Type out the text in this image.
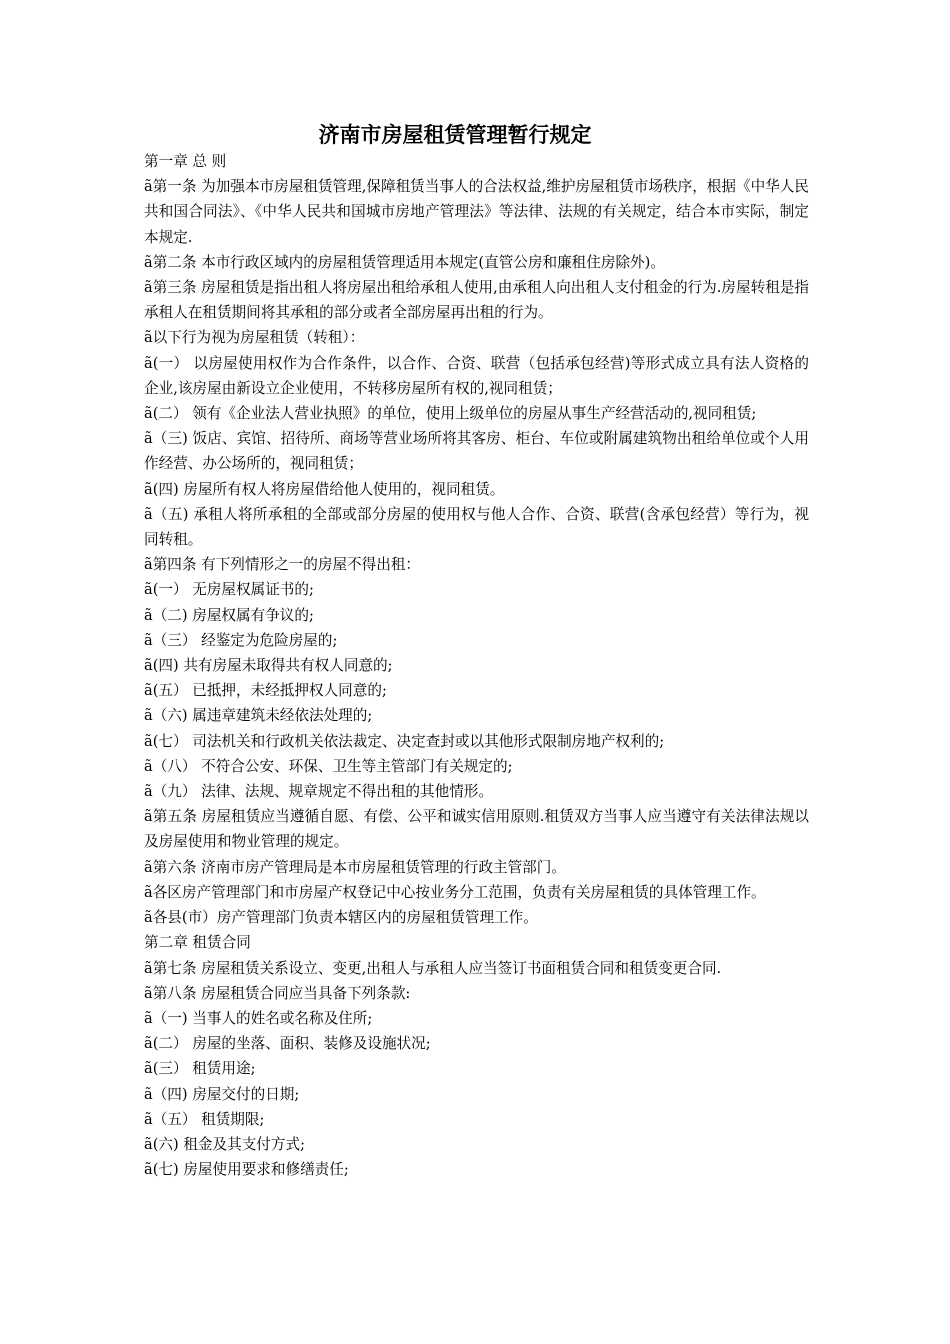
济南市房屋租赁管理暂行规定

第一章 总 则

ã第一条 为加强本市房屋租赁管理,保障租赁当事人的合法权益,维护房屋租赁市场秩序，根据《中华人民共和国合同法》、《中华人民共和国城市房地产管理法》等法律、法规的有关规定，结合本市实际，制定本规定.

ã第二条 本市行政区域内的房屋租赁管理适用本规定(直管公房和廉租住房除外)。

ã第三条 房屋租赁是指出租人将房屋出租给承租人使用,由承租人向出租人支付租金的行为.房屋转租是指承租人在租赁期间将其承租的部分或者全部房屋再出租的行为。

ã以下行为视为房屋租赁（转租）：

ã(一） 以房屋使用权作为合作条件，以合作、合资、联营（包括承包经营)等形式成立具有法人资格的企业,该房屋由新设立企业使用，不转移房屋所有权的,视同租赁；

ã(二） 领有《企业法人营业执照》的单位，使用上级单位的房屋从事生产经营活动的,视同租赁;

ã（三) 饭店、宾馆、招待所、商场等营业场所将其客房、柜台、车位或附属建筑物出租给单位或个人用作经营、办公场所的，视同租赁；

ã(四) 房屋所有权人将房屋借给他人使用的，视同租赁。

ã（五) 承租人将所承租的全部或部分房屋的使用权与他人合作、合资、联营(含承包经营）等行为，视同转租。

ã第四条 有下列情形之一的房屋不得出租：

ã(一） 无房屋权属证书的;

ã（二) 房屋权属有争议的;

ã（三） 经鉴定为危险房屋的;

ã(四) 共有房屋未取得共有权人同意的;

ã(五） 已抵押，未经抵押权人同意的;

ã（六) 属违章建筑未经依法处理的;

ã(七） 司法机关和行政机关依法裁定、决定查封或以其他形式限制房地产权利的;

ã（八） 不符合公安、环保、卫生等主管部门有关规定的;

ã（九） 法律、法规、规章规定不得出租的其他情形。

ã第五条 房屋租赁应当遵循自愿、有偿、公平和诚实信用原则.租赁双方当事人应当遵守有关法律法规以及房屋使用和物业管理的规定。

ã第六条 济南市房产管理局是本市房屋租赁管理的行政主管部门。

ã各区房产管理部门和市房屋产权登记中心按业务分工范围，负责有关房屋租赁的具体管理工作。

ã各县(市）房产管理部门负责本辖区内的房屋租赁管理工作。

第二章 租赁合同

ã第七条 房屋租赁关系设立、变更,出租人与承租人应当签订书面租赁合同和租赁变更合同.

ã第八条 房屋租赁合同应当具备下列条款:

ã（一) 当事人的姓名或名称及住所;

ã(二） 房屋的坐落、面积、装修及设施状况;

ã(三） 租赁用途;

ã（四) 房屋交付的日期;

ã（五） 租赁期限;

ã(六) 租金及其支付方式;

ã(七) 房屋使用要求和修缮责任;
